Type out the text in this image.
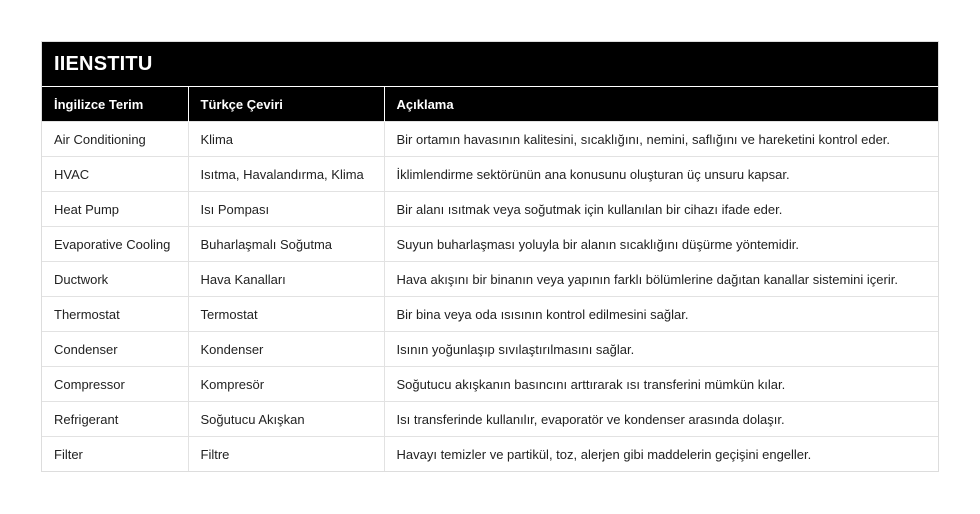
IIENSTITU
İngilizce Terim	Türkçe Çeviri	Açıklama
Air Conditioning	Klima	Bir ortamın havasının kalitesini, sıcaklığını, nemini, saflığını ve hareketini kontrol eder.
HVAC	Isıtma, Havalandırma, Klima	İklimlendirme sektörünün ana konusunu oluşturan üç unsuru kapsar.
Heat Pump	Isı Pompası	Bir alanı ısıtmak veya soğutmak için kullanılan bir cihazı ifade eder.
Evaporative Cooling	Buharlaşmalı Soğutma	Suyun buharlaşması yoluyla bir alanın sıcaklığını düşürme yöntemidir.
Ductwork	Hava Kanalları	Hava akışını bir binanın veya yapının farklı bölümlerine dağıtan kanallar sistemini içerir.
Thermostat	Termostat	Bir bina veya oda ısısının kontrol edilmesini sağlar.
Condenser	Kondenser	Isının yoğunlaşıp sıvılaştırılmasını sağlar.
Compressor	Kompresör	Soğutucu akışkanın basıncını arttırarak ısı transferini mümkün kılar.
Refrigerant	Soğutucu Akışkan	Isı transferinde kullanılır, evaporatör ve kondenser arasında dolaşır.
Filter	Filtre	Havayı temizler ve partikül, toz, alerjen gibi maddelerin geçişini engeller.
